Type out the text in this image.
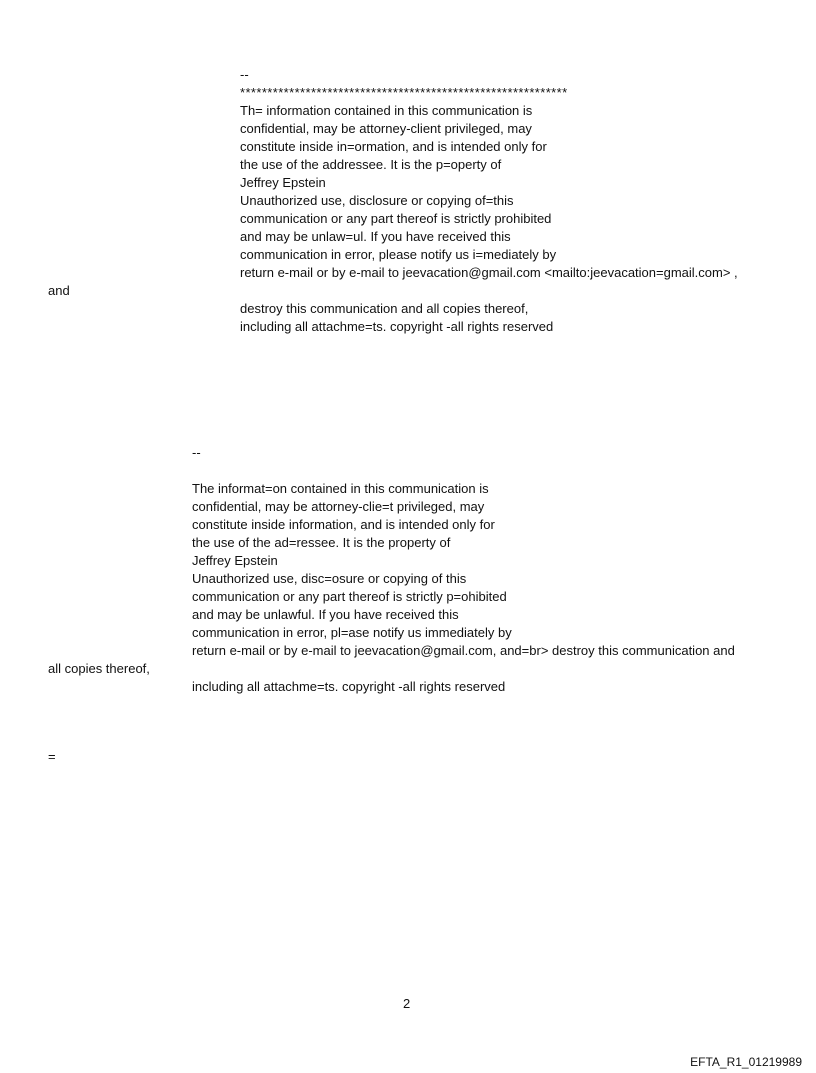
--
************************************************************
Th= information contained in this communication is
confidential, may be attorney-client privileged, may
constitute inside in=ormation, and is intended only for
the use of the addressee. It is the p=operty of
Jeffrey Epstein
Unauthorized use, disclosure or copying of=this
communication or any part thereof is strictly prohibited
and may be unlaw=ul. If you have received this
communication in error, please notify us i=mediately by
return e-mail or by e-mail to jeevacation@gmail.com <mailto:jeevacation=gmail.com> ,
and
destroy this communication and all copies thereof,
including all attachme=ts. copyright -all rights reserved
--
The informat=on contained in this communication is
confidential, may be attorney-clie=t privileged, may
constitute inside information, and is intended only for
the use of the ad=ressee. It is the property of
Jeffrey Epstein
Unauthorized use, disc=osure or copying of this
communication or any part thereof is strictly p=ohibited
and may be unlawful. If you have received this
communication in error, pl=ase notify us immediately by
return e-mail or by e-mail to jeevacation@gmail.com, and=br> destroy this communication and
all copies thereof,
including all attachme=ts. copyright -all rights reserved
=
2
EFTA_R1_01219989
